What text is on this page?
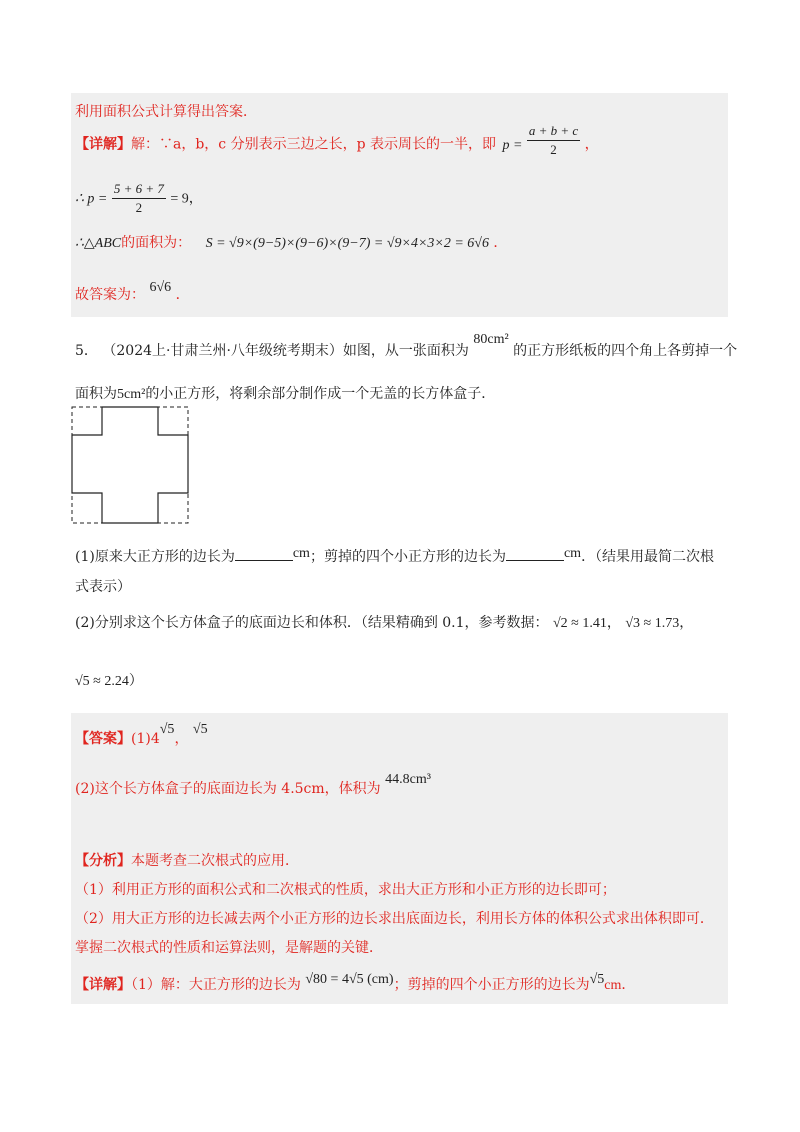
利用面积公式计算得出答案．
【详解】解：∵a，b，c 分别表示三边之长，p 表示周长的一半，即 $p = \frac{a + b + c}{2}$ ，
∴ $p = \frac{5 + 6 + 7}{2} = 9$，
∴△ABC的面积为： S = √9×(9−5)×(9−6)×(9−7) = √9×4×3×2 = 6√6 ．
故答案为： 6√6 ．
5． （2024上·甘肃兰州·八年级统考期末）如图，从一张面积为 80cm² 的正方形纸板的四个角上各剪掉一个
面积为5cm²的小正方形，将剩余部分制作成一个无盖的长方体盒子．
(1)原来大正方形的边长为	cm；剪掉的四个小正方形的边长为	cm．（结果用最简二次根
式表示）
(2)分别求这个长方体盒子的底面边长和体积．（结果精确到 0.1，参考数据： √2 ≈ 1.41， √3 ≈ 1.73，
√5 ≈ 2.24）
【答案】(1)4√5， √5
(2)这个长方体盒子的底面边长为 4.5cm，体积为 44.8cm³
【分析】本题考查二次根式的应用．
（1）利用正方形的面积公式和二次根式的性质，求出大正方形和小正方形的边长即可；
（2）用大正方形的边长减去两个小正方形的边长求出底面边长，利用长方体的体积公式求出体积即可．
掌握二次根式的性质和运算法则，是解题的关键．
【详解】（1）解：大正方形的边长为 √80 = 4√5 (cm)；剪掉的四个小正方形的边长为√5cm．
